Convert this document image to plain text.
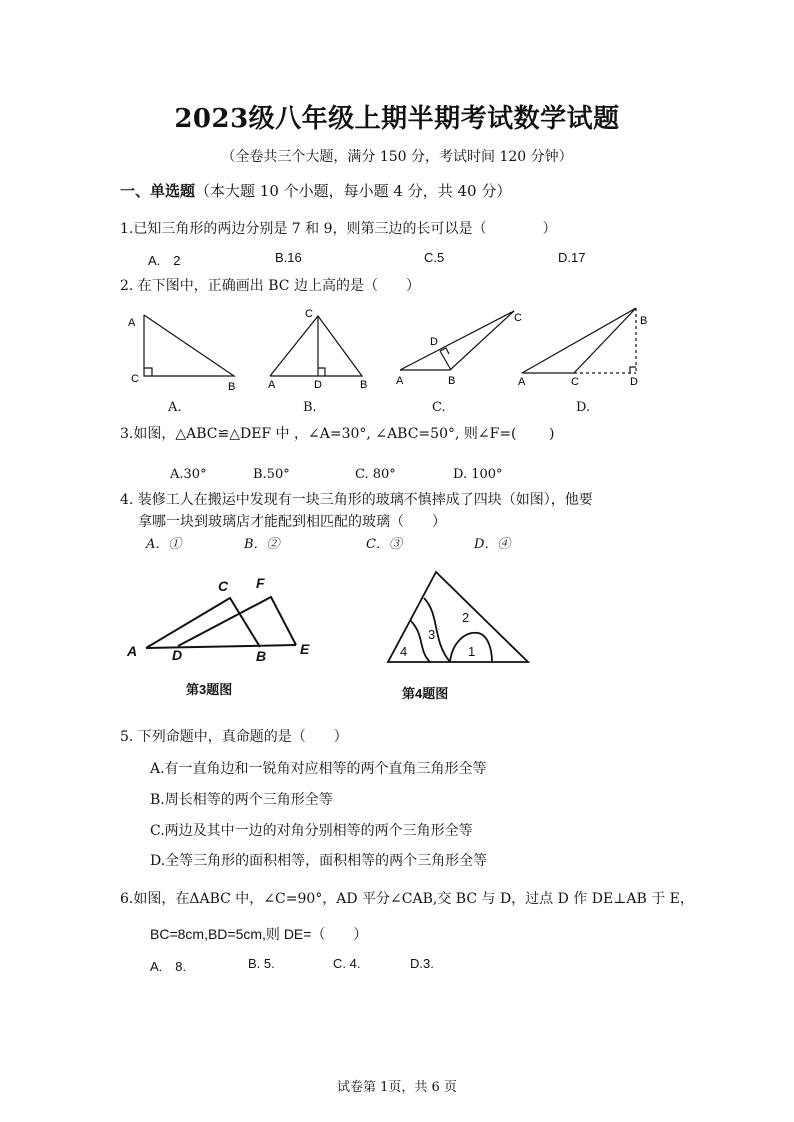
2023级八年级上期半期考试数学试题
（全卷共三个大题，满分 150 分，考试时间 120 分钟）
一、单选题（本大题 10 个小题，每小题 4 分，共 40 分）
1.已知三角形的两边分别是 7 和 9，则第三边的长可以是（　　　　）
A.　2	B.16	C.5	D.17
2. 在下图中，正确画出 BC 边上高的是（　　）
A
C
B
C
A	D	B
D
C
A	B
B
A	C	D
A.	B.	C.	D.
3.如图，△ABC≌△DEF 中 ，∠A=30°, ∠ABC=50°, 则∠F=(　　 )
A.30°	B.50°	C. 80°	D. 100°
4. 装修工人在搬运中发现有一块三角形的玻璃不慎摔成了四块（如图），他要
拿哪一块到玻璃店才能配到相匹配的玻璃（　　）
A．①	B．②	C．③	D．④
C F
A D	B E
第3题图
4
3
2
1
第4题图
5. 下列命题中，真命题的是（　　）
A.有一直角边和一锐角对应相等的两个直角三角形全等
B.周长相等的两个三角形全等
C.两边及其中一边的对角分别相等的两个三角形全等
D.全等三角形的面积相等，面积相等的两个三角形全等
6.如图，在ΔABC 中，∠C=90°，AD 平分∠CAB,交 BC 与 D，过点 D 作 DE⊥AB 于 E，
BC=8cm,BD=5cm,则 DE=（　　）
A.　8.	B. 5.	C. 4.	D.3.
试卷第 1页，共 6 页
